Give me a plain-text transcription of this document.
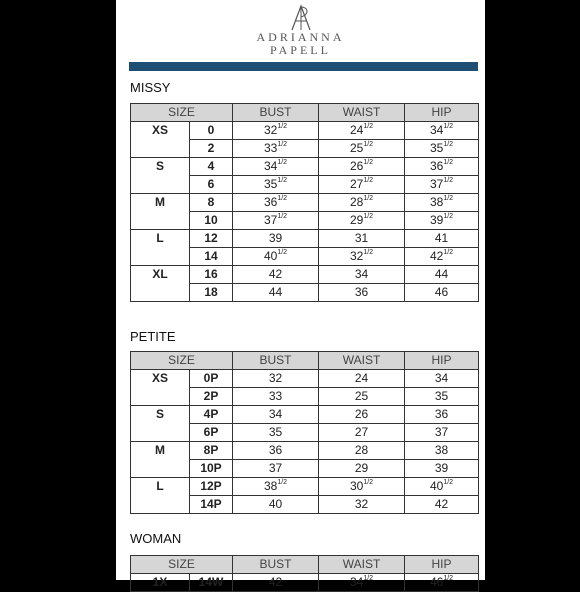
ADRIANNA
PAPELL
MISSY
SIZE		BUST	WAIST	HIP
XS	0	$32^{1/2}$	$24^{1/2}$	$34^{1/2}$
	2	$33^{1/2}$	$25^{1/2}$	$35^{1/2}$
S	4	$34^{1/2}$	$26^{1/2}$	$36^{1/2}$
	6	$35^{1/2}$	$27^{1/2}$	$37^{1/2}$
M	8	$36^{1/2}$	$28^{1/2}$	$38^{1/2}$
	10	$37^{1/2}$	$29^{1/2}$	$39^{1/2}$
L	12	39	31	41
	14	$40^{1/2}$	$32^{1/2}$	$42^{1/2}$
XL	16	42	34	44
	18	44	36	46
PETITE
SIZE		BUST	WAIST	HIP
XS	0P	32	24	34
	2P	33	25	35
S	4P	34	26	36
	6P	35	27	37
M	8P	36	28	38
	10P	37	29	39
L	12P	$38^{1/2}$	$30^{1/2}$	$40^{1/2}$
	14P	40	32	42
WOMAN
SIZE		BUST	WAIST	HIP
1X	14W	42	$34^{1/2}$	$46^{1/2}$
